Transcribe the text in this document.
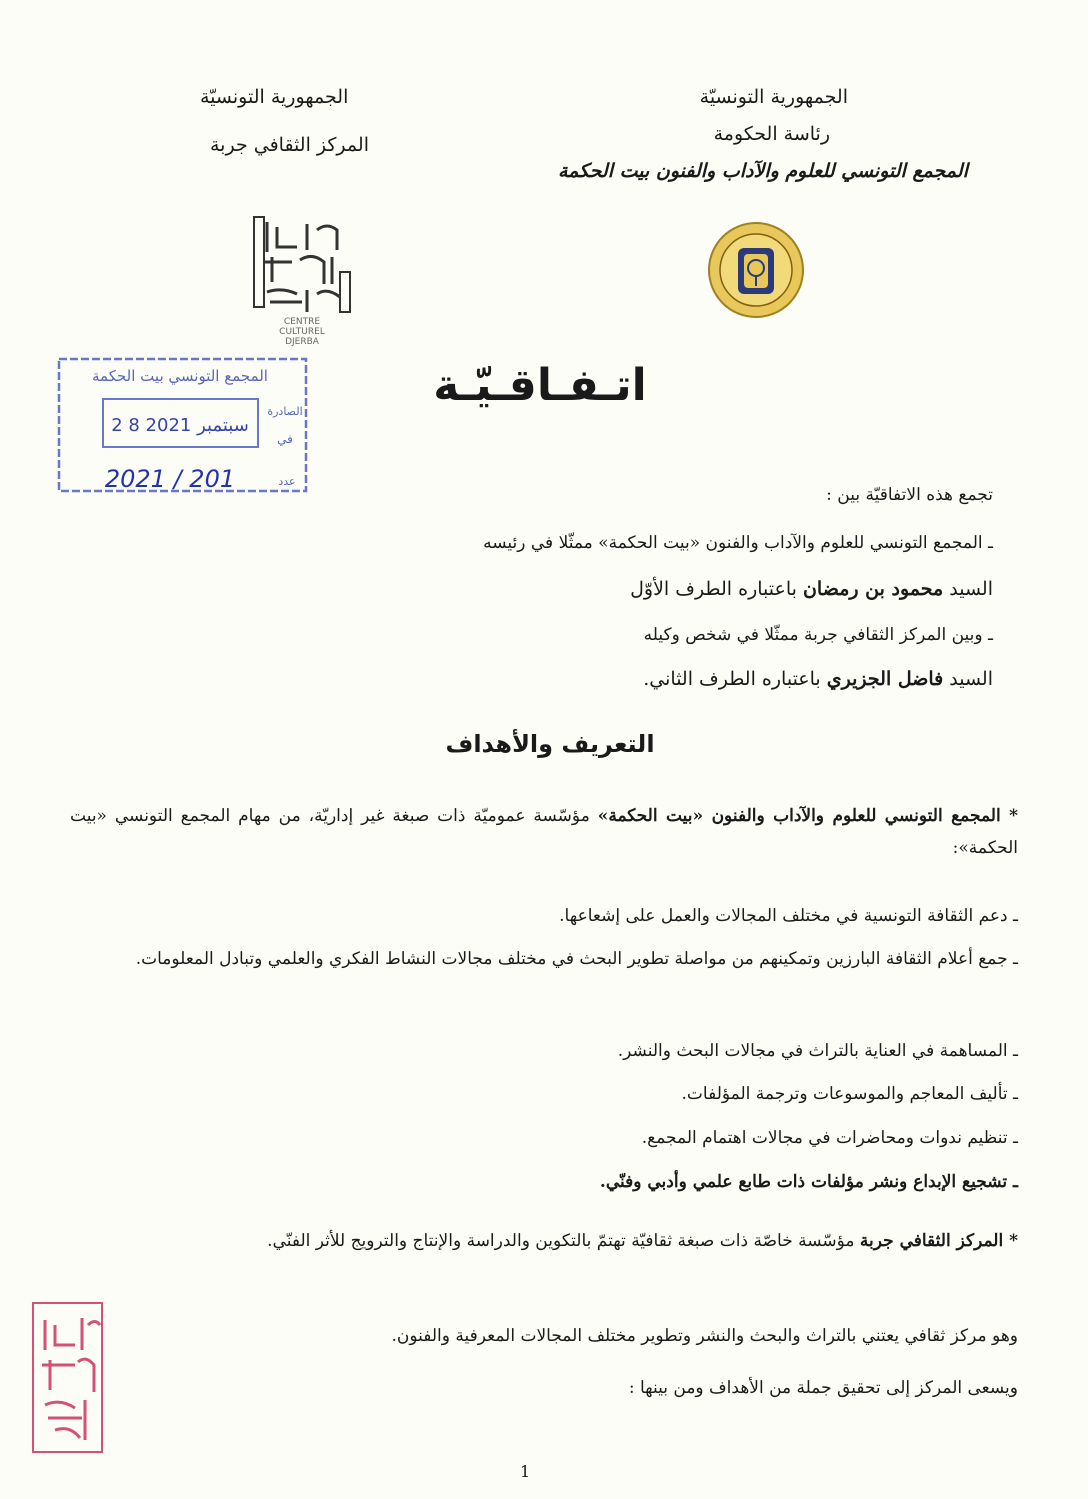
الجمهورية التونسيّة
رئاسة الحكومة
المجمع التونسي للعلوم والآداب والفنون بيت الحكمة
الجمهورية التونسيّة
المركز الثقافي جربة
المركز الثقافي جربة CENTRE CULTUREL DJERBA
CENTRE
CULTUREL
DJERBA
المجمع التونسي بيت الحكمة
2 8 سبتمبر 2021
الصادرة
في
عدد
2021 / 201
اتـفـاقـيّـة
تجمع هذه الاتفاقيّة بين :
ـ المجمع التونسي للعلوم والآداب والفنون «بيت الحكمة» ممثّلا في رئيسه
السيد محمود بن رمضان باعتباره الطرف الأوّل
ـ وبين المركز الثقافي جربة ممثّلا في شخص وكيله
السيد فاضل الجزيري باعتباره الطرف الثاني.
التعريف والأهداف
* المجمع التونسي للعلوم والآداب والفنون «بيت الحكمة» مؤسّسة عموميّة ذات صبغة غير إداريّة، من مهام المجمع التونسي «بيت الحكمة»:
ـ دعم الثقافة التونسية في مختلف المجالات والعمل على إشعاعها.
ـ جمع أعلام الثقافة البارزين وتمكينهم من مواصلة تطوير البحث في مختلف مجالات النشاط الفكري والعلمي وتبادل المعلومات.
ـ المساهمة في العناية بالتراث في مجالات البحث والنشر.
ـ تأليف المعاجم والموسوعات وترجمة المؤلفات.
ـ تنظيم ندوات ومحاضرات في مجالات اهتمام المجمع.
ـ تشجيع الإبداع ونشر مؤلفات ذات طابع علمي وأدبي وفنّي.
* المركز الثقافي جربة مؤسّسة خاصّة ذات صبغة ثقافيّة تهتمّ بالتكوين والدراسة والإنتاج والترويج للأثر الفنّي.
وهو مركز ثقافي يعتني بالتراث والبحث والنشر وتطوير مختلف المجالات المعرفية والفنون.
ويسعى المركز إلى تحقيق جملة من الأهداف ومن بينها :
1
